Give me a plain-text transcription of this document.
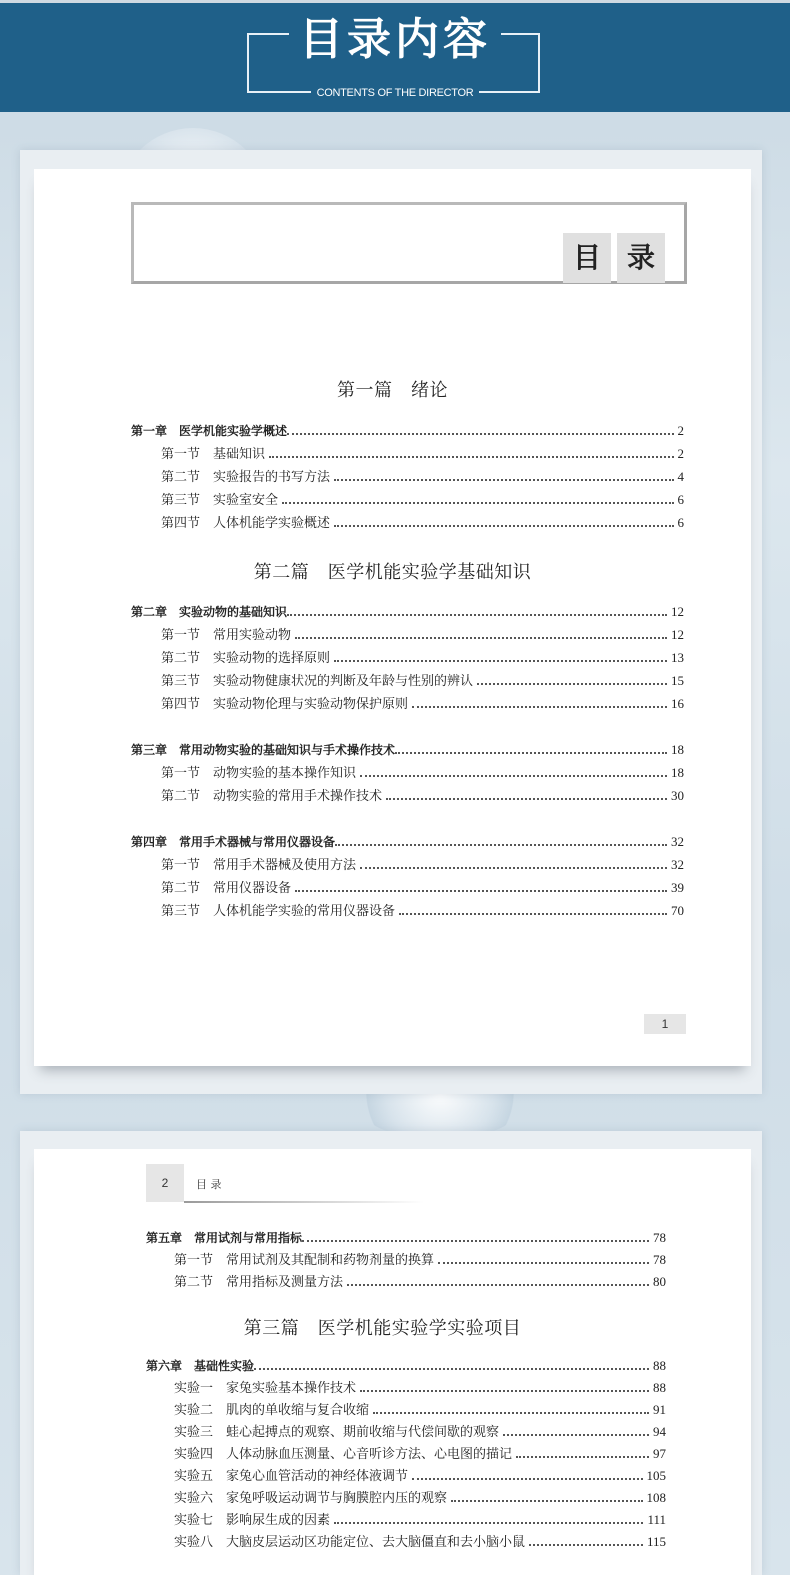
目录内容
CONTENTS OF THE DIRECTOR
目 录
第一篇　绪论
第一章　医学机能实验学概述	2
第一节　基础知识	2
第二节　实验报告的书写方法	4
第三节　实验室安全	6
第四节　人体机能学实验概述	6
第二篇　医学机能实验学基础知识
第二章　实验动物的基础知识	12
第一节　常用实验动物	12
第二节　实验动物的选择原则	13
第三节　实验动物健康状况的判断及年龄与性别的辨认	15
第四节　实验动物伦理与实验动物保护原则	16
第三章　常用动物实验的基础知识与手术操作技术	18
第一节　动物实验的基本操作知识	18
第二节　动物实验的常用手术操作技术	30
第四章　常用手术器械与常用仪器设备	32
第一节　常用手术器械及使用方法	32
第二节　常用仪器设备	39
第三节　人体机能学实验的常用仪器设备	70
1
2	目 录
第五章　常用试剂与常用指标	78
第一节　常用试剂及其配制和药物剂量的换算	78
第二节　常用指标及测量方法	80
第三篇　医学机能实验学实验项目
第六章　基础性实验	88
实验一　家兔实验基本操作技术	88
实验二　肌肉的单收缩与复合收缩	91
实验三　蛙心起搏点的观察、期前收缩与代偿间歇的观察	94
实验四　人体动脉血压测量、心音听诊方法、心电图的描记	97
实验五　家兔心血管活动的神经体液调节	105
实验六　家兔呼吸运动调节与胸膜腔内压的观察	108
实验七　影响尿生成的因素	111
实验八　大脑皮层运动区功能定位、去大脑僵直和去小脑小鼠	115
